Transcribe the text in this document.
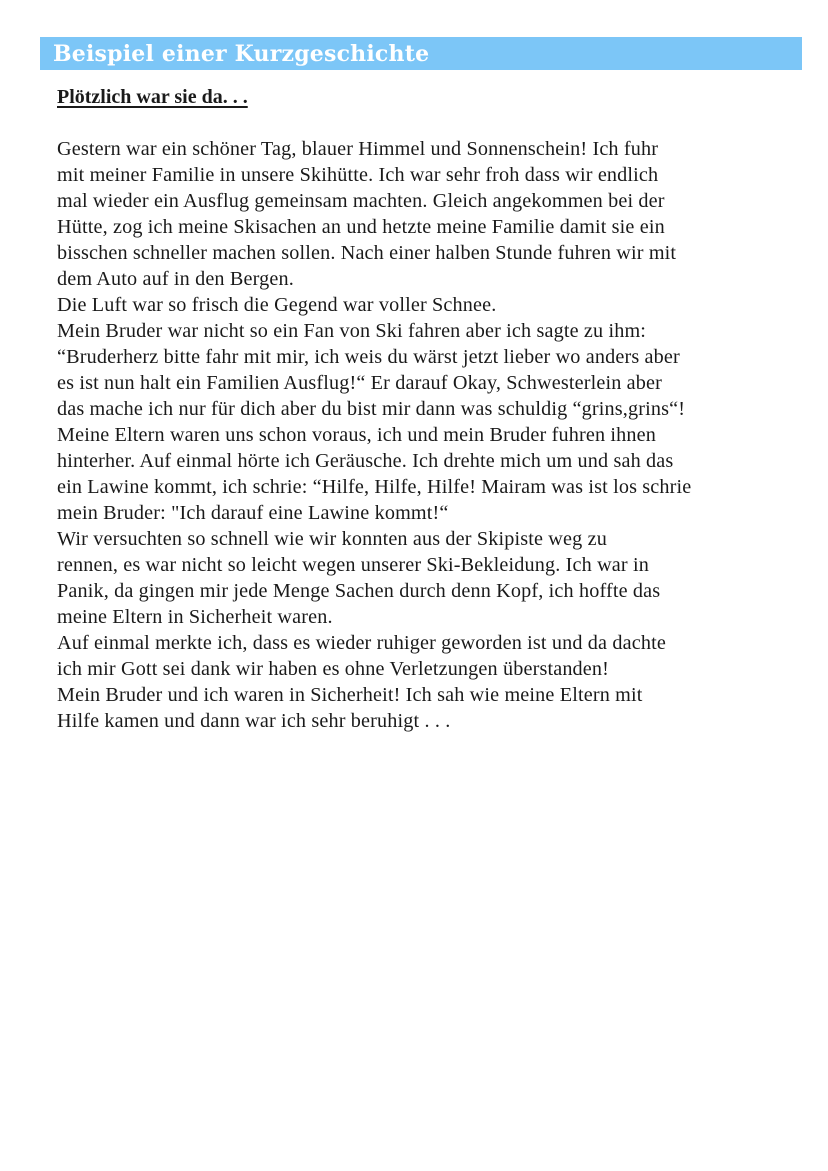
Beispiel einer Kurzgeschichte

Plötzlich war sie da. . .

Gestern war ein schöner Tag, blauer Himmel und Sonnenschein! Ich fuhr
mit meiner Familie in unsere Skihütte. Ich war sehr froh dass wir endlich
mal wieder ein Ausflug gemeinsam machten. Gleich angekommen bei der
Hütte, zog ich meine Skisachen an und hetzte meine Familie damit sie ein
bisschen schneller machen sollen. Nach einer halben Stunde fuhren wir mit
dem Auto auf in den Bergen.
Die Luft war so frisch die Gegend war voller Schnee.
Mein Bruder war nicht so ein Fan von Ski fahren aber ich sagte zu ihm:
“Bruderherz bitte fahr mit mir, ich weis du wärst jetzt lieber wo anders aber
es ist nun halt ein Familien Ausflug!“ Er darauf Okay, Schwesterlein aber
das mache ich nur für dich aber du bist mir dann was schuldig “grins,grins“!
Meine Eltern waren uns schon voraus, ich und mein Bruder fuhren ihnen
hinterher. Auf einmal hörte ich Geräusche. Ich drehte mich um und sah das
ein Lawine kommt, ich schrie: “Hilfe, Hilfe, Hilfe! Mairam was ist los schrie
mein Bruder: "Ich darauf eine Lawine kommt!“
Wir versuchten so schnell wie wir konnten aus der Skipiste weg zu
rennen, es war nicht so leicht wegen unserer Ski-Bekleidung. Ich war in
Panik, da gingen mir jede Menge Sachen durch denn Kopf, ich hoffte das
meine Eltern in Sicherheit waren.
Auf einmal merkte ich, dass es wieder ruhiger geworden ist und da dachte
ich mir Gott sei dank wir haben es ohne Verletzungen überstanden!
Mein Bruder und ich waren in Sicherheit! Ich sah wie meine Eltern mit
Hilfe kamen und dann war ich sehr beruhigt . . .
